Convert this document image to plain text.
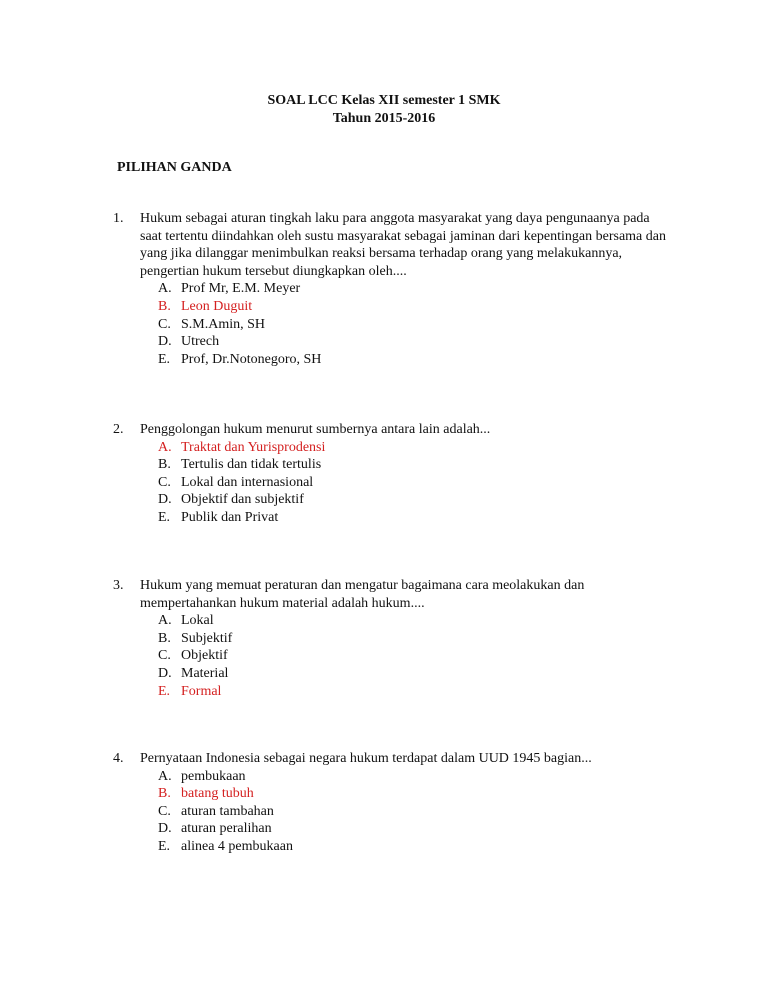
SOAL LCC Kelas XII semester 1 SMK
Tahun 2015-2016
PILIHAN GANDA
1. Hukum sebagai aturan tingkah laku para anggota masyarakat yang daya pengunaanya pada saat tertentu diindahkan oleh sustu masyarakat sebagai jaminan dari kepentingan bersama dan yang jika dilanggar menimbulkan reaksi bersama terhadap orang yang melakukannya, pengertian hukum tersebut diungkapkan oleh....
A. Prof Mr, E.M. Meyer
B. Leon Duguit
C. S.M.Amin, SH
D. Utrech
E. Prof, Dr.Notonegoro, SH
2. Penggolongan hukum menurut sumbernya antara lain adalah...
A. Traktat dan Yurisprodensi
B. Tertulis dan tidak tertulis
C. Lokal dan internasional
D. Objektif dan subjektif
E. Publik dan Privat
3. Hukum yang memuat peraturan dan mengatur bagaimana cara meolakukan dan mempertahankan hukum material adalah hukum....
A. Lokal
B. Subjektif
C. Objektif
D. Material
E. Formal
4. Pernyataan Indonesia sebagai negara hukum terdapat dalam UUD 1945 bagian...
A. pembukaan
B. batang tubuh
C. aturan tambahan
D. aturan peralihan
E. alinea 4 pembukaan
